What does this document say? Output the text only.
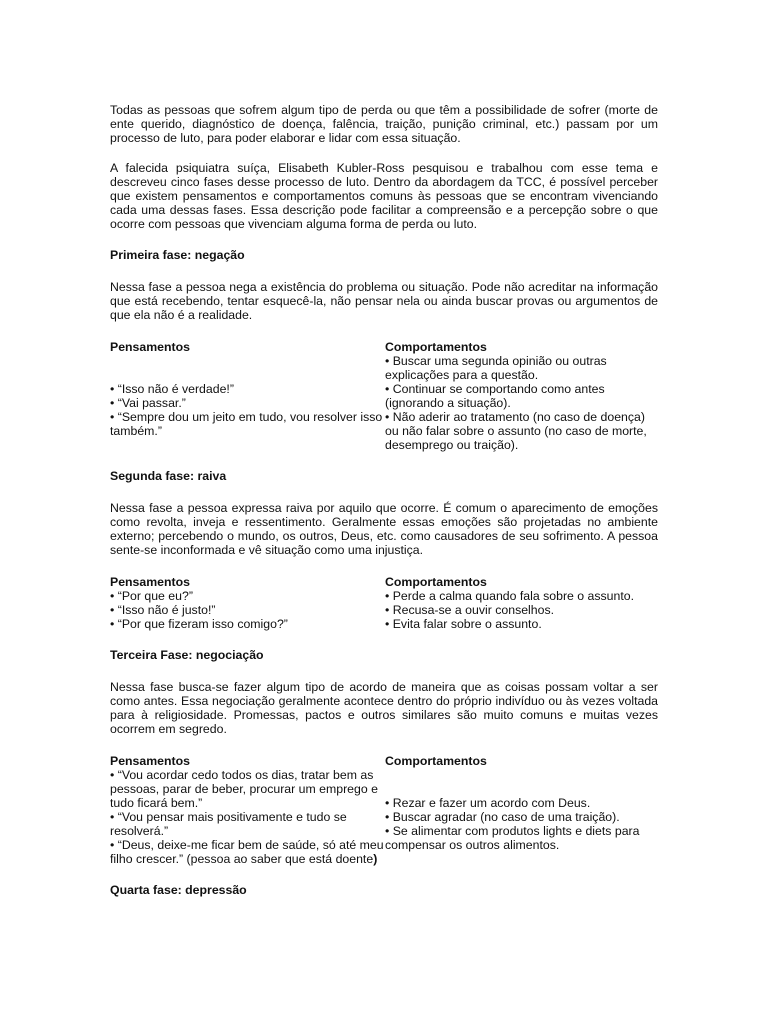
Todas as pessoas que sofrem algum tipo de perda ou que têm a possibilidade de sofrer (morte de ente querido, diagnóstico de doença, falência, traição, punição criminal, etc.) passam por um processo de luto, para poder elaborar e lidar com essa situação.

A falecida psiquiatra suíça, Elisabeth Kubler-Ross pesquisou e trabalhou com esse tema e descreveu cinco fases desse processo de luto. Dentro da abordagem da TCC, é possível perceber que existem pensamentos e comportamentos comuns às pessoas que se encontram vivenciando cada uma dessas fases. Essa descrição pode facilitar a compreensão e a percepção sobre o que ocorre com pessoas que vivenciam alguma forma de perda ou luto.

Primeira fase: negação

Nessa fase a pessoa nega a existência do problema ou situação. Pode não acreditar na informação que está recebendo, tentar esquecê-la, não pensar nela ou ainda buscar provas ou argumentos de que ela não é a realidade.

Pensamentos
• “Isso não é verdade!”
• “Vai passar.”
• “Sempre dou um jeito em tudo, vou resolver isso também.”
Comportamentos
• Buscar uma segunda opinião ou outras explicações para a questão.
• Continuar se comportando como antes (ignorando a situação).
• Não aderir ao tratamento (no caso de doença) ou não falar sobre o assunto (no caso de morte, desemprego ou traição).

Segunda fase: raiva

Nessa fase a pessoa expressa raiva por aquilo que ocorre. É comum o aparecimento de emoções como revolta, inveja e ressentimento. Geralmente essas emoções são projetadas no ambiente externo; percebendo o mundo, os outros, Deus, etc. como causadores de seu sofrimento. A pessoa sente-se inconformada e vê situação como uma injustiça.

Pensamentos
• “Por que eu?”
• “Isso não é justo!”
• “Por que fizeram isso comigo?”
Comportamentos
• Perde a calma quando fala sobre o assunto.
• Recusa-se a ouvir conselhos.
• Evita falar sobre o assunto.

Terceira Fase: negociação

Nessa fase busca-se fazer algum tipo de acordo de maneira que as coisas possam voltar a ser como antes. Essa negociação geralmente acontece dentro do próprio indivíduo ou às vezes voltada para à religiosidade. Promessas, pactos e outros similares são muito comuns e muitas vezes ocorrem em segredo.

Pensamentos
• “Vou acordar cedo todos os dias, tratar bem as pessoas, parar de beber, procurar um emprego e tudo ficará bem.”
• “Vou pensar mais positivamente e tudo se resolverá.”
• “Deus, deixe-me ficar bem de saúde, só até meu filho crescer.” (pessoa ao saber que está doente)
Comportamentos
• Rezar e fazer um acordo com Deus.
• Buscar agradar (no caso de uma traição).
• Se alimentar com produtos lights e diets para compensar os outros alimentos.

Quarta fase: depressão
